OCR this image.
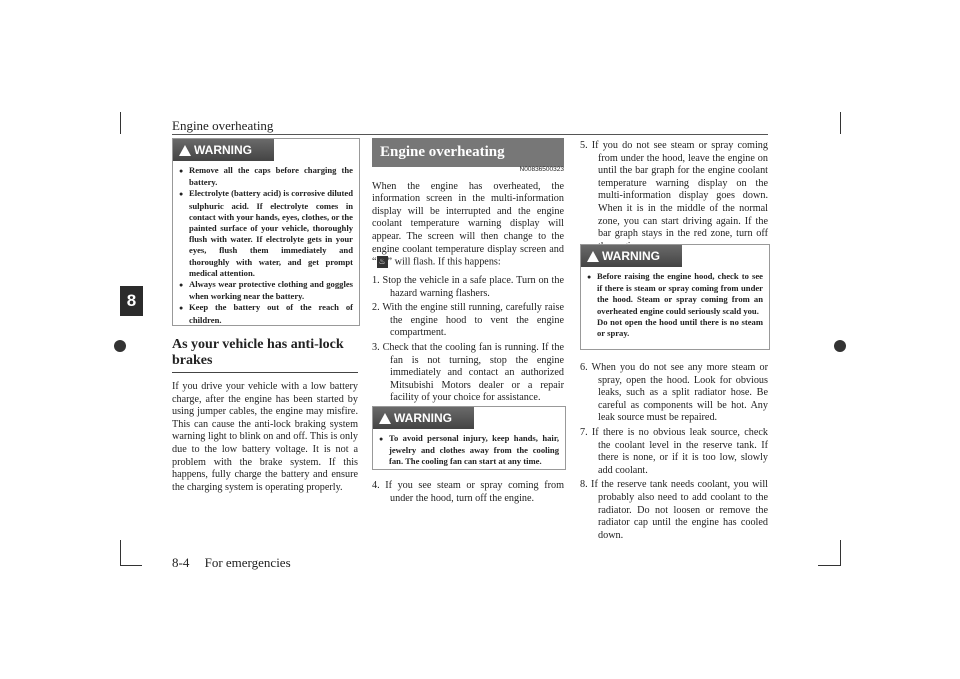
Engine overheating
8
WARNING
● Remove all the caps before charging the battery.
● Electrolyte (battery acid) is corrosive diluted sulphuric acid. If electrolyte comes in contact with your hands, eyes, clothes, or the painted surface of your vehicle, thoroughly flush with water. If electrolyte gets in your eyes, flush them immediately and thoroughly with water, and get prompt medical attention.
● Always wear protective clothing and goggles when working near the battery.
● Keep the battery out of the reach of children.
As your vehicle has anti-lock brakes
If you drive your vehicle with a low battery charge, after the engine has been started by using jumper cables, the engine may misfire. This can cause the anti-lock braking system warning light to blink on and off. This is only due to the low battery voltage. It is not a problem with the brake system. If this happens, fully charge the battery and ensure the charging system is operating properly.
Engine overheating
N00836500323
When the engine has overheated, the information screen in the multi-information display will be interrupted and the engine coolant temperature warning display will appear. The screen will then change to the engine coolant temperature display screen and “ ♨ ” will flash. If this happens:
1. Stop the vehicle in a safe place. Turn on the hazard warning flashers.
2. With the engine still running, carefully raise the engine hood to vent the engine compartment.
3. Check that the cooling fan is running. If the fan is not turning, stop the engine immediately and contact an authorized Mitsubishi Motors dealer or a repair facility of your choice for assistance.
WARNING
● To avoid personal injury, keep hands, hair, jewelry and clothes away from the cooling fan. The cooling fan can start at any time.
4. If you see steam or spray coming from under the hood, turn off the engine.
5. If you do not see steam or spray coming from under the hood, leave the engine on until the bar graph for the engine coolant temperature warning display on the multi-information display goes down. When it is in the middle of the normal zone, you can start driving again. If the bar graph stays in the red zone, turn off
WARNING
● Before raising the engine hood, check to see if there is steam or spray coming from under the hood. Steam or spray coming from an overheated engine could seriously scald you.
Do not open the hood until there is no steam or spray.
6. When you do not see any more steam or spray, open the hood. Look for obvious leaks, such as a split radiator hose. Be careful as components will be hot. Any leak source must be repaired.
7. If there is no obvious leak source, check the coolant level in the reserve tank. If there is none, or if it is too low, slowly add coolant.
8. If the reserve tank needs coolant, you will probably also need to add coolant to the radiator. Do not loosen or remove the radiator cap until the engine has cooled down.
8-4 For emergencies
